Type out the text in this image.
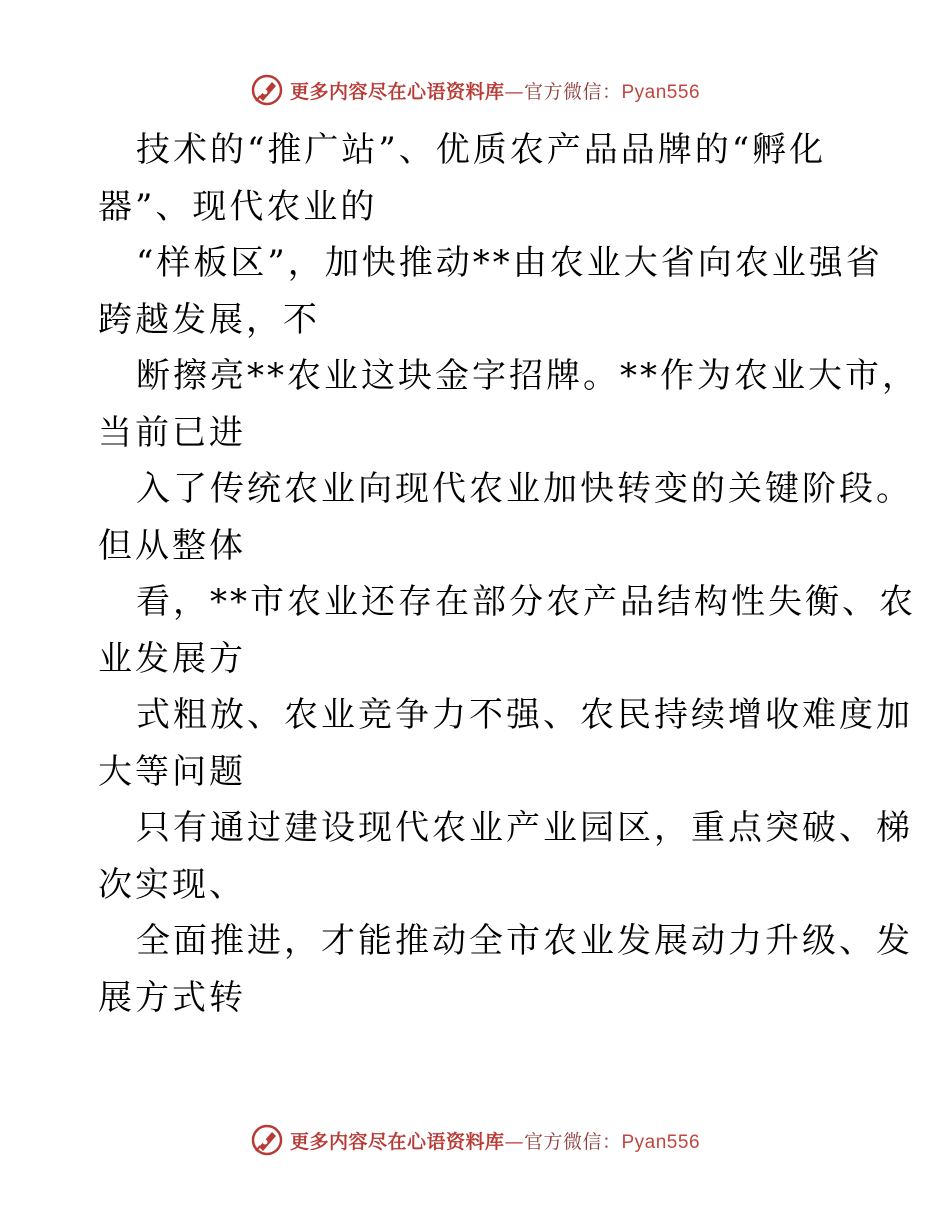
更多内容尽在心语资料库—官方微信：Pyan556
技术的“推广站”、优质农产品品牌的“孵化
器”、现代农业的
“样板区”，加快推动**由农业大省向农业强省
跨越发展，不
断擦亮**农业这块金字招牌。**作为农业大市，
当前已进
入了传统农业向现代农业加快转变的关键阶段。
但从整体
看，**市农业还存在部分农产品结构性失衡、农
业发展方
式粗放、农业竞争力不强、农民持续增收难度加
大等问题
只有通过建设现代农业产业园区，重点突破、梯
次实现、
全面推进，才能推动全市农业发展动力升级、发
展方式转
更多内容尽在心语资料库—官方微信：Pyan556
